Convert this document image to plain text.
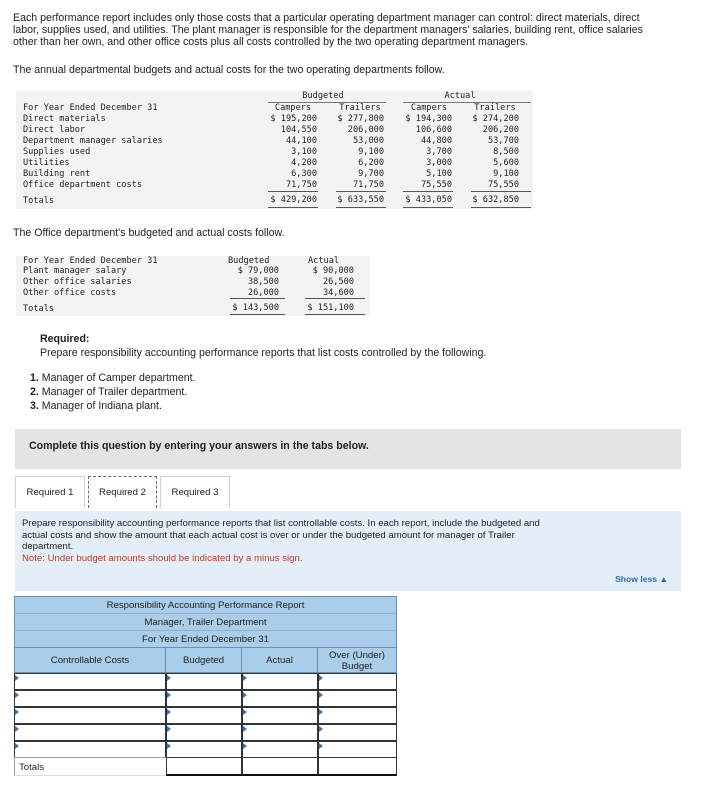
Each performance report includes only those costs that a particular operating department manager can control: direct materials, direct
labor, supplies used, and utilities. The plant manager is responsible for the department managers' salaries, building rent, office salaries
other than her own, and other office costs plus all costs controlled by the two operating department managers.
The annual departmental budgets and actual costs for the two operating departments follow.
Budgeted	Actual
Campers	Trailers	Campers	Trailers
For Year Ended December 31
Direct materials	$ 195,200	$ 277,800	$ 194,300	$ 274,200
Direct labor	104,550	206,000	106,600	206,200
Department manager salaries	44,100	53,000	44,800	53,700
Supplies used	3,100	9,100	3,700	8,500
Utilities	4,200	6,200	3,000	5,600
Building rent	6,300	9,700	5,100	9,100
Office department costs	71,750	71,750	75,550	75,550
Totals	$ 429,200	$ 633,550	$ 433,050	$ 632,850
The Office department's budgeted and actual costs follow.
For Year Ended December 31	Budgeted	Actual
Plant manager salary	$ 79,000	$ 90,000
Other office salaries	38,500	26,500
Other office costs	26,000	34,600
Totals	$ 143,500	$ 151,100
Required:
Prepare responsibility accounting performance reports that list costs controlled by the following.
1. Manager of Camper department.
2. Manager of Trailer department.
3. Manager of Indiana plant.
Complete this question by entering your answers in the tabs below.
Required 1	Required 2	Required 3
Prepare responsibility accounting performance reports that list controllable costs. In each report, include the budgeted and
actual costs and show the amount that each actual cost is over or under the budgeted amount for manager of Trailer
department.
Note: Under budget amounts should be indicated by a minus sign.
Show less ▲
Responsibility Accounting Performance Report
Manager, Trailer Department
For Year Ended December 31
Controllable Costs	Budgeted	Actual	Over (Under)
Budget
Totals
